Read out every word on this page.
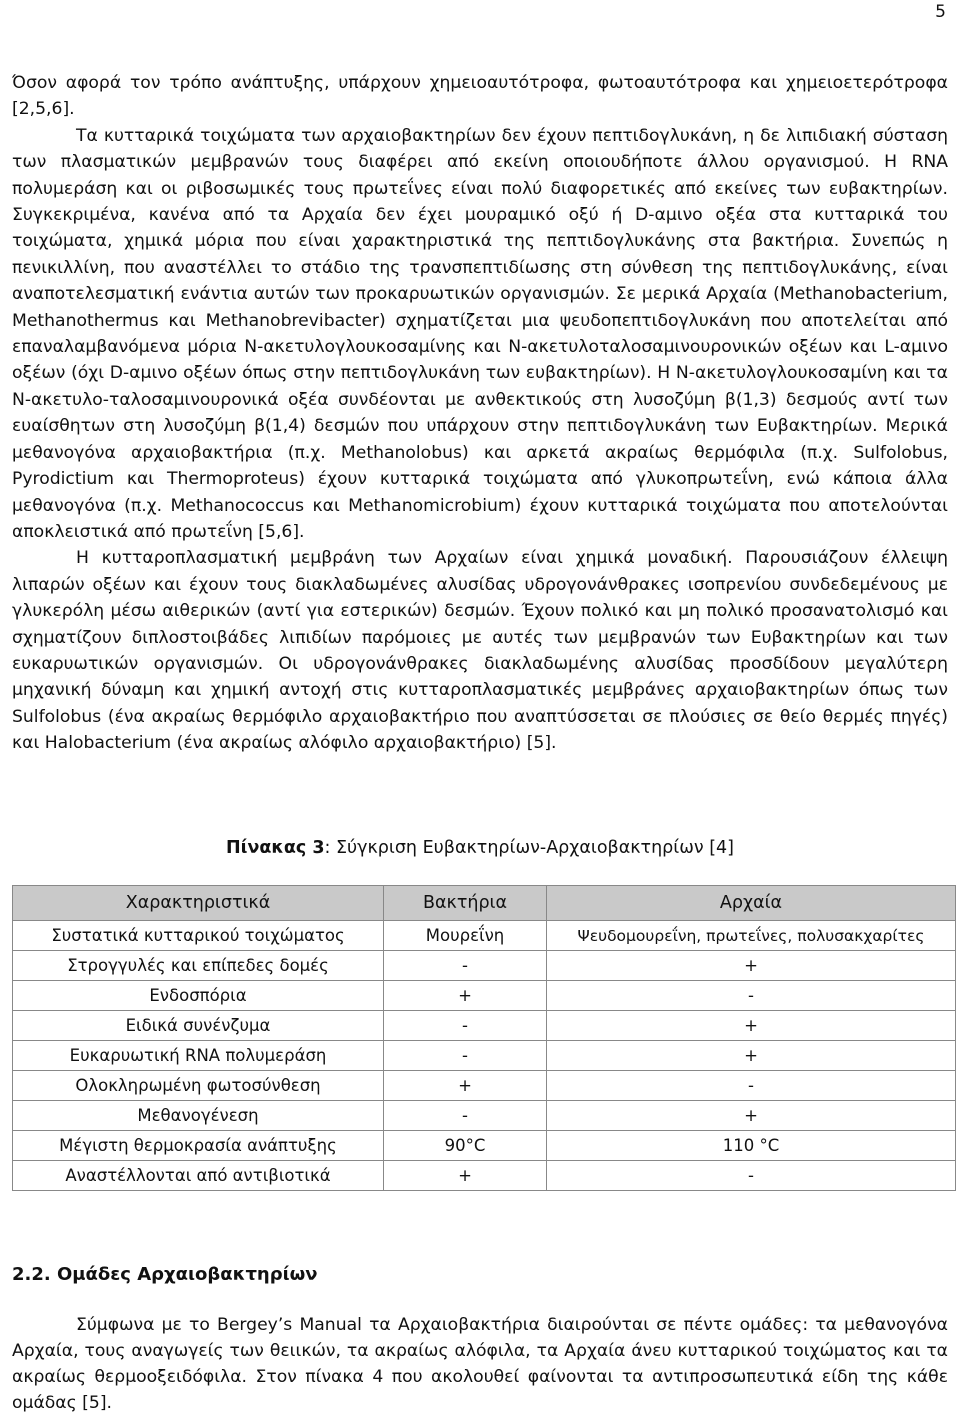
5

Όσον αφορά τον τρόπο ανάπτυξης, υπάρχουν χημειοαυτότροφα, φωτοαυτότροφα και χημειοετερότροφα [2,5,6].

Τα κυτταρικά τοιχώματα των αρχαιοβακτηρίων δεν έχουν πεπτιδογλυκάνη, η δε λιπιδιακή σύσταση των πλασματικών μεμβρανών τους διαφέρει από εκείνη οποιουδήποτε άλλου οργανισμού. Η RNA πολυμεράση και οι ριβοσωμικές τους πρωτεΐνες είναι πολύ διαφορετικές από εκείνες των ευβακτηρίων. Συγκεκριμένα, κανένα από τα Αρχαία δεν έχει μουραμικό οξύ ή D-αμινο οξέα στα κυτταρικά του τοιχώματα, χημικά μόρια που είναι χαρακτηριστικά της πεπτιδογλυκάνης στα βακτήρια. Συνεπώς η πενικιλλίνη, που αναστέλλει το στάδιο της τρανσπεπτιδίωσης στη σύνθεση της πεπτιδογλυκάνης, είναι αναποτελεσματική ενάντια αυτών των προκαρυωτικών οργανισμών. Σε μερικά Αρχαία (Methanobacterium, Methanothermus και Methanobrevibacter) σχηματίζεται μια ψευδοπεπτιδογλυκάνη που αποτελείται από επαναλαμβανόμενα μόρια Ν-ακετυλογλουκοσαμίνης και Ν-ακετυλοταλοσαμινουρονικών οξέων και L-αμινο οξέων (όχι D-αμινο οξέων όπως στην πεπτιδογλυκάνη των ευβακτηρίων). Η Ν-ακετυλογλουκοσαμίνη και τα Ν-ακετυλο-ταλοσαμινουρονικά οξέα συνδέονται με ανθεκτικούς στη λυσοζύμη β(1,3) δεσμούς αντί των ευαίσθητων στη λυσοζύμη β(1,4) δεσμών που υπάρχουν στην πεπτιδογλυκάνη των Ευβακτηρίων. Μερικά μεθανογόνα αρχαιοβακτήρια (π.χ. Methanolobus) και αρκετά ακραίως θερμόφιλα (π.χ. Sulfolobus, Pyrodictium και Thermoproteus) έχουν κυτταρικά τοιχώματα από γλυκοπρωτεΐνη, ενώ κάποια άλλα μεθανογόνα (π.χ. Methanococcus και Methanomicrobium) έχουν κυτταρικά τοιχώματα που αποτελούνται αποκλειστικά από πρωτεΐνη [5,6].

Η κυτταροπλασματική μεμβράνη των Αρχαίων είναι χημικά μοναδική. Παρουσιάζουν έλλειψη λιπαρών οξέων και έχουν τους διακλαδωμένες αλυσίδας υδρογονάνθρακες ισοπρενίου συνδεδεμένους με γλυκερόλη μέσω αιθερικών (αντί για εστερικών) δεσμών. Έχουν πολικό και μη πολικό προσανατολισμό και σχηματίζουν διπλοστοιβάδες λιπιδίων παρόμοιες με αυτές των μεμβρανών των Ευβακτηρίων και των ευκαρυωτικών οργανισμών. Οι υδρογονάνθρακες διακλαδωμένης αλυσίδας προσδίδουν μεγαλύτερη μηχανική δύναμη και χημική αντοχή στις κυτταροπλασματικές μεμβράνες αρχαιοβακτηρίων όπως των Sulfolobus (ένα ακραίως θερμόφιλο αρχαιοβακτήριο που αναπτύσσεται σε πλούσιες σε θείο θερμές πηγές) και Halobacterium (ένα ακραίως αλόφιλο αρχαιοβακτήριο) [5].

Πίνακας 3: Σύγκριση Ευβακτηρίων-Αρχαιοβακτηρίων [4]
Χαρακτηριστικά	Βακτήρια	Αρχαία
Συστατικά κυτταρικού τοιχώματος	Μουρεΐνη	Ψευδομουρεΐνη, πρωτεΐνες, πολυσακχαρίτες
Στρογγυλές και επίπεδες δομές	-	+
Ενδοσπόρια	+	-
Ειδικά συνένζυμα	-	+
Ευκαρυωτική RNA πολυμεράση	-	+
Ολοκληρωμένη φωτοσύνθεση	+	-
Μεθανογένεση	-	+
Μέγιστη θερμοκρασία ανάπτυξης	90°C	110 °C
Αναστέλλονται από αντιβιοτικά	+	-
2.2. Ομάδες Αρχαιοβακτηρίων

Σύμφωνα με το Bergey’s Manual τα Αρχαιοβακτήρια διαιρούνται σε πέντε ομάδες: τα μεθανογόνα Αρχαία, τους αναγωγείς των θειικών, τα ακραίως αλόφιλα, τα Αρχαία άνευ κυτταρικού τοιχώματος και τα ακραίως θερμοοξειδόφιλα. Στον πίνακα 4 που ακολουθεί φαίνονται τα αντιπροσωπευτικά είδη της κάθε ομάδας [5].
